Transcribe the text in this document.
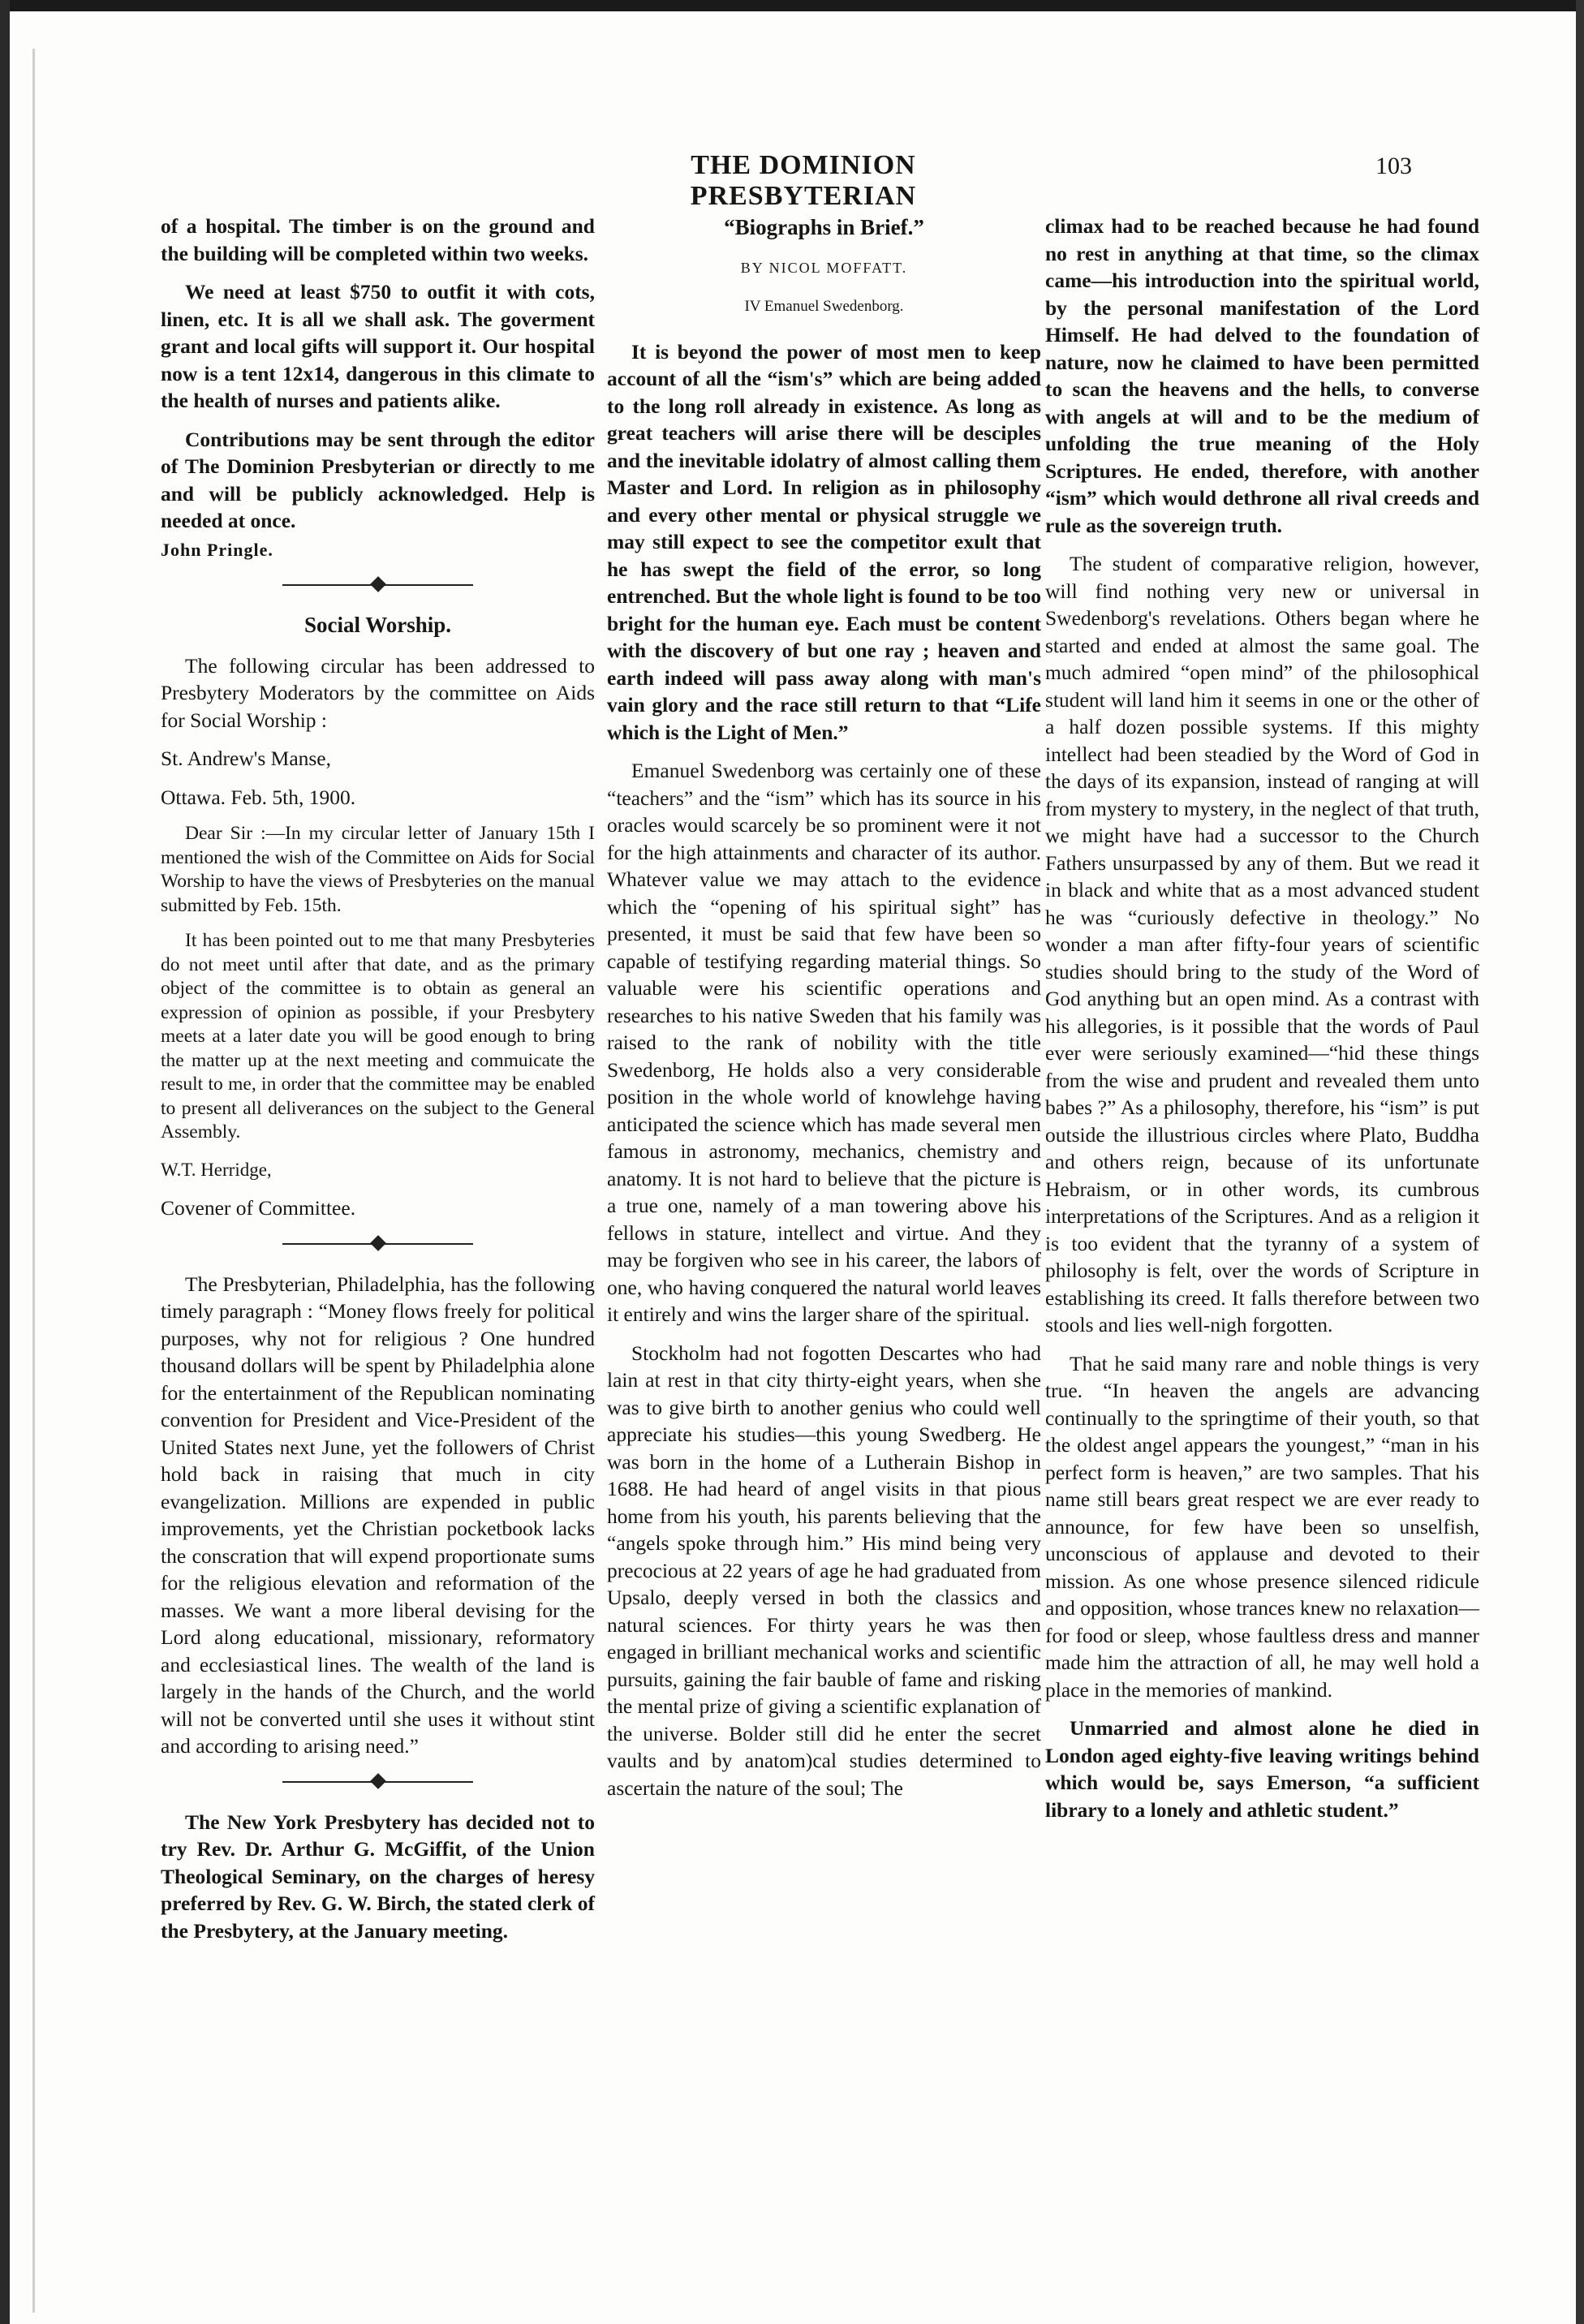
THE DOMINION PRESBYTERIAN
103

of a hospital. The timber is on the ground and the building will be completed within two weeks.

We need at least $750 to outfit it with cots, linen, etc. It is all we shall ask. The goverment grant and local gifts will support it. Our hospital now is a tent 12x14, dangerous in this climate to the health of nurses and patients alike.

Contributions may be sent through the editor of The Dominion Presbyterian or directly to me and will be publicly acknowledged. Help is needed at once.

John Pringle.

Social Worship.

The following circular has been addressed to Presbytery Moderators by the committee on Aids for Social Worship :

St. Andrew's Manse,

Ottawa. Feb. 5th, 1900.

Dear Sir :—In my circular letter of January 15th I mentioned the wish of the Committee on Aids for Social Worship to have the views of Presbyteries on the manual submitted by Feb. 15th.

It has been pointed out to me that many Presbyteries do not meet until after that date, and as the primary object of the committee is to obtain as general an expression of opinion as possible, if your Presbytery meets at a later date you will be good enough to bring the matter up at the next meeting and commuicate the result to me, in order that the committee may be enabled to present all deliverances on the subject to the General Assembly.

W.T. Herridge,

Covener of Committee.

The Presbyterian, Philadelphia, has the following timely paragraph : “Money flows freely for political purposes, why not for religious ? One hundred thousand dollars will be spent by Philadelphia alone for the entertainment of the Republican nominating convention for President and Vice-President of the United States next June, yet the followers of Christ hold back in raising that much in city evangelization. Millions are expended in public improvements, yet the Christian pocketbook lacks the conscration that will expend proportionate sums for the religious elevation and reformation of the masses. We want a more liberal devising for the Lord along educational, missionary, reformatory and ecclesiastical lines. The wealth of the land is largely in the hands of the Church, and the world will not be converted until she uses it without stint and according to arising need.”

The New York Presbytery has decided not to try Rev. Dr. Arthur G. McGiffit, of the Union Theological Seminary, on the charges of heresy preferred by Rev. G. W. Birch, the stated clerk of the Presbytery, at the January meeting.

“Biographs in Brief.”
BY NICOL MOFFATT.
IV Emanuel Swedenborg.

It is beyond the power of most men to keep account of all the “ism's” which are being added to the long roll already in existence. As long as great teachers will arise there will be desciples and the inevitable idolatry of almost calling them Master and Lord. In religion as in philosophy and every other mental or physical struggle we may still expect to see the competitor exult that he has swept the field of the error, so long entrenched. But the whole light is found to be too bright for the human eye. Each must be content with the discovery of but one ray ; heaven and earth indeed will pass away along with man's vain glory and the race still return to that “Life which is the Light of Men.”

Emanuel Swedenborg was certainly one of these “teachers” and the “ism” which has its source in his oracles would scarcely be so prominent were it not for the high attainments and character of its author. Whatever value we may attach to the evidence which the “opening of his spiritual sight” has presented, it must be said that few have been so capable of testifying regarding material things. So valuable were his scientific operations and researches to his native Sweden that his family was raised to the rank of nobility with the title Swedenborg, He holds also a very considerable position in the whole world of knowlehge having anticipated the science which has made several men famous in astronomy, mechanics, chemistry and anatomy. It is not hard to believe that the picture is a true one, namely of a man towering above his fellows in stature, intellect and virtue. And they may be forgiven who see in his career, the labors of one, who having conquered the natural world leaves it entirely and wins the larger share of the spiritual.

Stockholm had not fogotten Descartes who had lain at rest in that city thirty-eight years, when she was to give birth to another genius who could well appreciate his studies—this young Swedberg. He was born in the home of a Lutherain Bishop in 1688. He had heard of angel visits in that pious home from his youth, his parents believing that the “angels spoke through him.” His mind being very precocious at 22 years of age he had graduated from Upsalo, deeply versed in both the classics and natural sciences. For thirty years he was then engaged in brilliant mechanical works and scientific pursuits, gaining the fair bauble of fame and risking the mental prize of giving a scientific explanation of the universe. Bolder still did he enter the secret vaults and by anatom)cal studies determined to ascertain the nature of the soul; The

climax had to be reached because he had found no rest in anything at that time, so the climax came—his introduction into the spiritual world, by the personal manifestation of the Lord Himself. He had delved to the foundation of nature, now he claimed to have been permitted to scan the heavens and the hells, to converse with angels at will and to be the medium of unfolding the true meaning of the Holy Scriptures. He ended, therefore, with another “ism” which would dethrone all rival creeds and rule as the sovereign truth.

The student of comparative religion, however, will find nothing very new or universal in Swedenborg's revelations. Others began where he started and ended at almost the same goal. The much admired “open mind” of the philosophical student will land him it seems in one or the other of a half dozen possible systems. If this mighty intellect had been steadied by the Word of God in the days of its expansion, instead of ranging at will from mystery to mystery, in the neglect of that truth, we might have had a successor to the Church Fathers unsurpassed by any of them. But we read it in black and white that as a most advanced student he was “curiously defective in theology.” No wonder a man after fifty-four years of scientific studies should bring to the study of the Word of God anything but an open mind. As a contrast with his allegories, is it possible that the words of Paul ever were seriously examined—“hid these things from the wise and prudent and revealed them unto babes ?” As a philosophy, therefore, his “ism” is put outside the illustrious circles where Plato, Buddha and others reign, because of its unfortunate Hebraism, or in other words, its cumbrous interpretations of the Scriptures. And as a religion it is too evident that the tyranny of a system of philosophy is felt, over the words of Scripture in establishing its creed. It falls therefore between two stools and lies well-nigh forgotten.

That he said many rare and noble things is very true. “In heaven the angels are advancing continually to the springtime of their youth, so that the oldest angel appears the youngest,” “man in his perfect form is heaven,” are two samples. That his name still bears great respect we are ever ready to announce, for few have been so unselfish, unconscious of applause and devoted to their mission. As one whose presence silenced ridicule and opposition, whose trances knew no relaxation—for food or sleep, whose faultless dress and manner made him the attraction of all, he may well hold a place in the memories of mankind.

Unmarried and almost alone he died in London aged eighty-five leaving writings behind which would be, says Emerson, “a sufficient library to a lonely and athletic student.”
